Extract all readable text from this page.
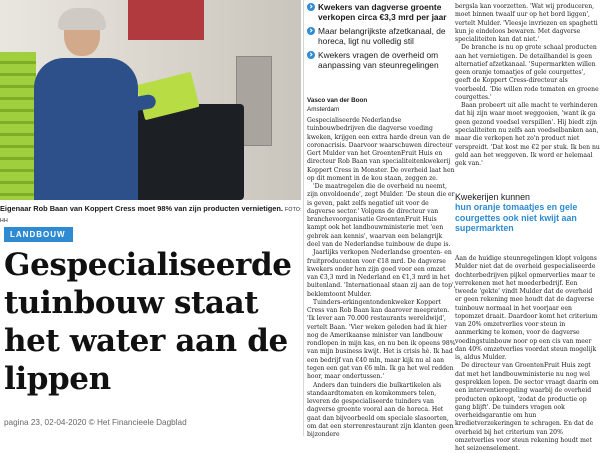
Eigenaar Rob Baan van Koppert Cress moet 98% van zijn producten vernietigen. FOTO: HH
LANDBOUW
Gespecialiseerde tuinbouw staat het water aan de lippen
pagina 23, 02-04-2020 © Het Financieele Dagblad
Kwekers van dagverse groente verkopen circa €3,3 mrd per jaar
Maar belangrijkste afzetkanaal, de horeca, ligt nu volledig stil
Kwekers vragen de overheid om aanpassing van steunregelingen
Vasco van der Boon
Amsterdam

Gespecialiseerde Nederlandse tuinbouwbedrijven die dagverse voeding kweken, krijgen een extra harde dreun van de coronacrisis. Daarvoor waarschuwen directeur Gert Mulder van het GroentenFruit Huis en directeur Rob Baan van specialiteitenkwekerij Koppert Cress in Monster. De overheid laat hen op dit moment in de kou staan, zeggen ze.

'De maatregelen die de overheid nu neemt, zijn onvoldoende', zegt Mulder. 'De steun die er is geven, pakt zelfs negatief uit voor de dagverse sector.' Volgens de directeur van branchevoorganisatie GroentenFruit Huis kampt ook het landbouwministerie met 'een gebrek aan kennis', waarvan een belangrijk deel van de Nederlandse tuinbouw de dupe is.

Jaarlijks verkopen Nederlandse groenten- en fruitproducenten voor €18 mrd. De dagverse kwekers onder hen zijn goed voor een omzet van €3,3 mrd in Nederland en €1,3 mrd in het buitenland. 'Internationaal staan zij aan de top', beklemtoont Mulder.

Tuinders-erkingentondenkweker Koppert Cress van Rob Baan kan daarover meepraten. 'Ik lever aan 70.000 restaurants wereldwijd', vertelt Baan. 'Vier weken geleden had ik hier nog de Amerikaanse minister van landbouw rondlopen in mijn kas, en nu ben ik opeens 98% van mijn business kwijt. Het is crisis hè. Ik had een bedrijf van €40 mln, maar kijk nu al aan tegen een gat van €6 mln. Ik ga het wel redden hoor, maar ondertussen.'

Anders dan tuinders die bulkartikelen als standaardtomaten en komkommers telen, leveren de gespecialiseerde tuinders van dagverse groente vooral aan de horeca. Het gaat dan bijvoorbeeld om speciale slasoorten, om dat een sterrenrestaurant zijn klanten geen bijzondere

bergsla kan voorzetten. 'Wat wij produceren, moet binnen twaalf uur op het bord liggen', vertelt Mulder. 'Vleesje invriezen en spaghetti kun je eindeloos bewaren. Met dagverse specialiteiten kan dat niet.'

De branche is nu op grote schaal producten aan het vernietigen. De detailhandel is geen alternatief afzetkanaal. 'Supermarkten willen geen oranje tomaatjes of gele courgettes', geeft de Koppert Cress-directeur als voorbeeld. 'Die willen rode tomaten en groene courgettes.'

Baan probeert uit alle macht te verhinderen dat hij zijn waar moet weggooien, 'want ik ga geen gezond voedsel verspillen'. Hij biedt zijn specialiteiten nu zelfs aan voedselbanken aan, maar die verkopen het zo'n product niet verspreidt. 'Dat kost me €2 per stuk. Ik ben nu geld aan het weggeven. Ik word er helemaal gek van.'

Kwekerijen kunnen
hun oranje tomaatjes en gele courgettes ook niet kwijt aan supermarkten

Aan de huidige steunregelingen klopt volgens Mulder niet dat de overheid gespecialiseerde dochterbedrijven pijkel opmerverlies maar te verrekenen met het moederbedrijf. Een tweede 'gekte' vindt Mulder dat de overheid er geen rekening mee houdt dat de dagverse tuinbouw normaal in het voorjaar een topomzet draait. Daardoor komt het criterium van 20% omzetverlies voor steun in aanmerking te komen, voor de dagverse voedingstuinbouw noor op een cis van meer dan 40% omzetverlies voordat steun mogelijk is, aldus Mulder.

De directeur van GroentenFruit Huis zegt dat met het landbouwministerie nu nog wel gesprekken lopen. De sector vraagt daarin om een interventieregeling waarbij de overheid producten opkoopt, 'zodat de productie op gang blijft'. De tuinders vragen ook overheidsgarantie om hun kredietverzekeringen te schragen. En dat de overheid bij het criterium van 20% omzetverlies voor steun rekening houdt met het seizoenselement.
